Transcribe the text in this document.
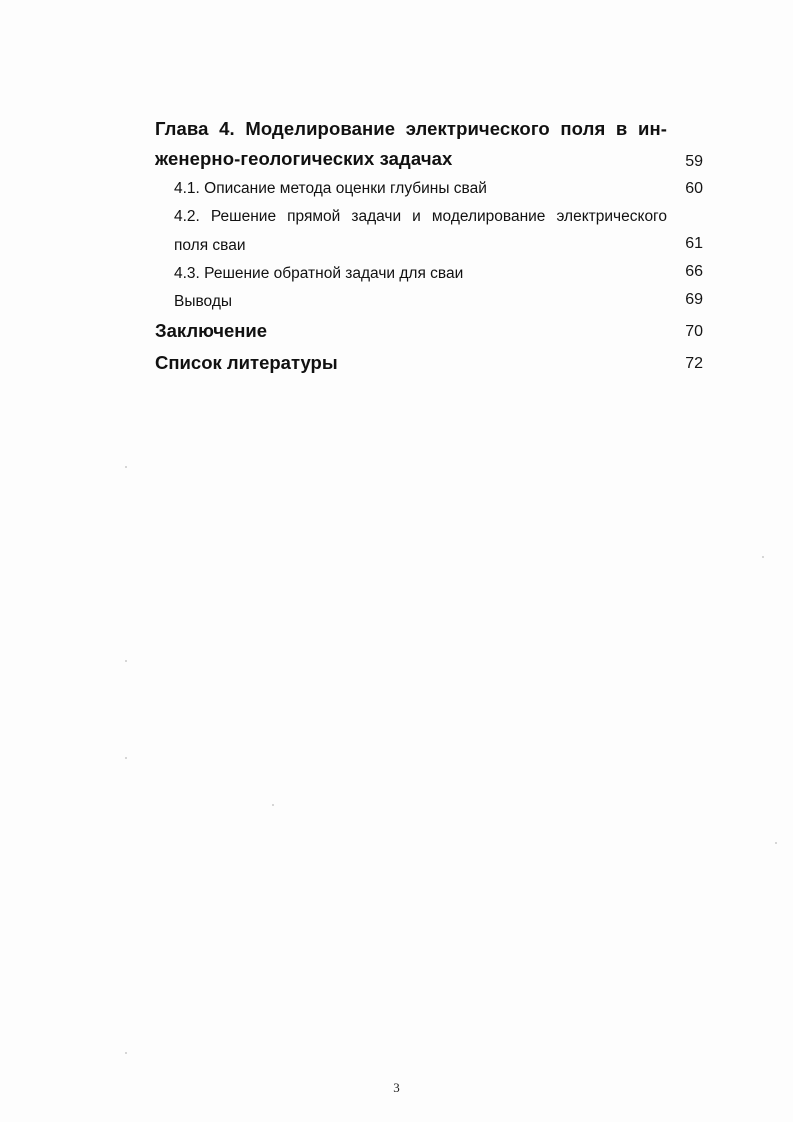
Глава 4. Моделирование электрического поля в ин-
женерно-геологических задачах	59
4.1. Описание метода оценки глубины свай	60
4.2. Решение прямой задачи и моделирование электрического
поля сваи	61
4.3. Решение обратной задачи для сваи	66
Выводы	69
Заключение	70
Список литературы	72
3
